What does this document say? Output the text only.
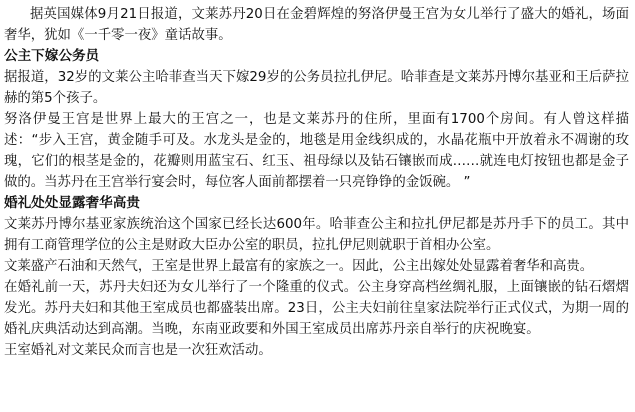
据英国媒体9月21日报道，文莱苏丹20日在金碧辉煌的努洛伊曼王宫为女儿举行了盛大的婚礼，场面奢华，犹如《一千零一夜》童话故事。

公主下嫁公务员

据报道，32岁的文莱公主哈菲查当天下嫁29岁的公务员拉扎伊尼。哈菲查是文莱苏丹博尔基亚和王后萨拉赫的第5个孩子。

努洛伊曼王宫是世界上最大的王宫之一，也是文莱苏丹的住所，里面有1700个房间。有人曾这样描述：“步入王宫，黄金随手可及。水龙头是金的，地毯是用金线织成的，水晶花瓶中开放着永不凋谢的玫瑰，它们的根茎是金的，花瓣则用蓝宝石、红玉、祖母绿以及钻石镶嵌而成……就连电灯按钮也都是金子做的。当苏丹在王宫举行宴会时，每位客人面前都摆着一只亮铮铮的金饭碗。 ”

婚礼处处显露奢华高贵

文莱苏丹博尔基亚家族统治这个国家已经长达600年。哈菲查公主和拉扎伊尼都是苏丹手下的员工。其中拥有工商管理学位的公主是财政大臣办公室的职员，拉扎伊尼则就职于首相办公室。

文莱盛产石油和天然气，王室是世界上最富有的家族之一。因此，公主出嫁处处显露着奢华和高贵。

在婚礼前一天，苏丹夫妇还为女儿举行了一个隆重的仪式。公主身穿高档丝绸礼服，上面镶嵌的钻石熠熠发光。苏丹夫妇和其他王室成员也都盛装出席。23日，公主夫妇前往皇家法院举行正式仪式，为期一周的婚礼庆典活动达到高潮。当晚，东南亚政要和外国王室成员出席苏丹亲自举行的庆祝晚宴。

王室婚礼对文莱民众而言也是一次狂欢活动。
